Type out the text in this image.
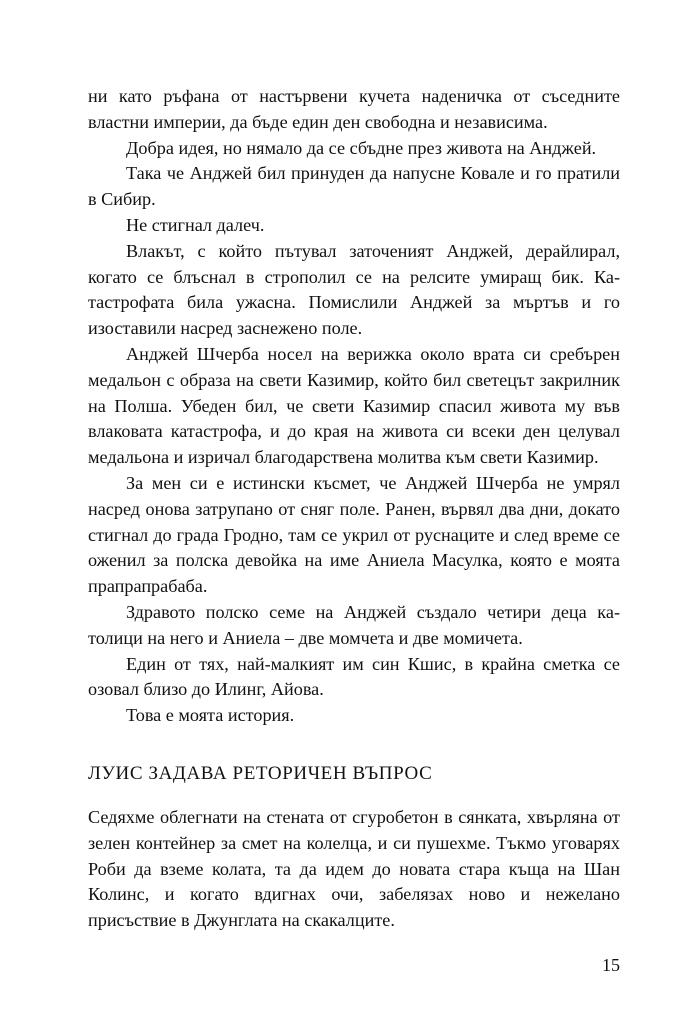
ни като ръфана от настървени кучета наденичка от съседните властни империи, да бъде един ден свободна и независима.

Добра идея, но нямало да се сбъдне през живота на Анджей.

Така че Анджей бил принуден да напусне Ковале и го пратили в Сибир.

Не стигнал далеч.

Влакът, с който пътувал заточеният Анджей, дерайлирал, когато се блъснал в строполил се на релсите умиращ бик. Катастрофата била ужасна. Помислили Анджей за мъртъв и го изоставили насред заснежено поле.

Анджей Шчерба носел на верижка около врата си сребърен медальон с образа на свети Казимир, който бил светецът закрилник на Полша. Убеден бил, че свети Казимир спасил живота му във влаковата катастрофа, и до края на живота си всеки ден целувал медальона и изричал благодарствена молитва към свети Казимир.

За мен си е истински късмет, че Анджей Шчерба не умрял насред онова затрупано от сняг поле. Ранен, вървял два дни, докато стигнал до града Гродно, там се укрил от руснаците и след време се оженил за полска девойка на име Аниела Масулка, която е моята прапрапрабаба.

Здравото полско семе на Анджей създало четири деца католици на него и Аниела – две момчета и две момичета.

Един от тях, най-малкият им син Кшис, в крайна сметка се озовал близо до Илинг, Айова.

Това е моята история.

ЛУИС ЗАДАВА РЕТОРИЧЕН ВЪПРОС

Седяхме облегнати на стената от сгуробетон в сянката, хвърляна от зелен контейнер за смет на колелца, и си пушехме. Тъкмо уговарях Роби да вземе колата, та да идем до новата стара къща на Шан Колинс, и когато вдигнах очи, забелязах ново и нежелано присъствие в Джунглата на скакалците.

15
